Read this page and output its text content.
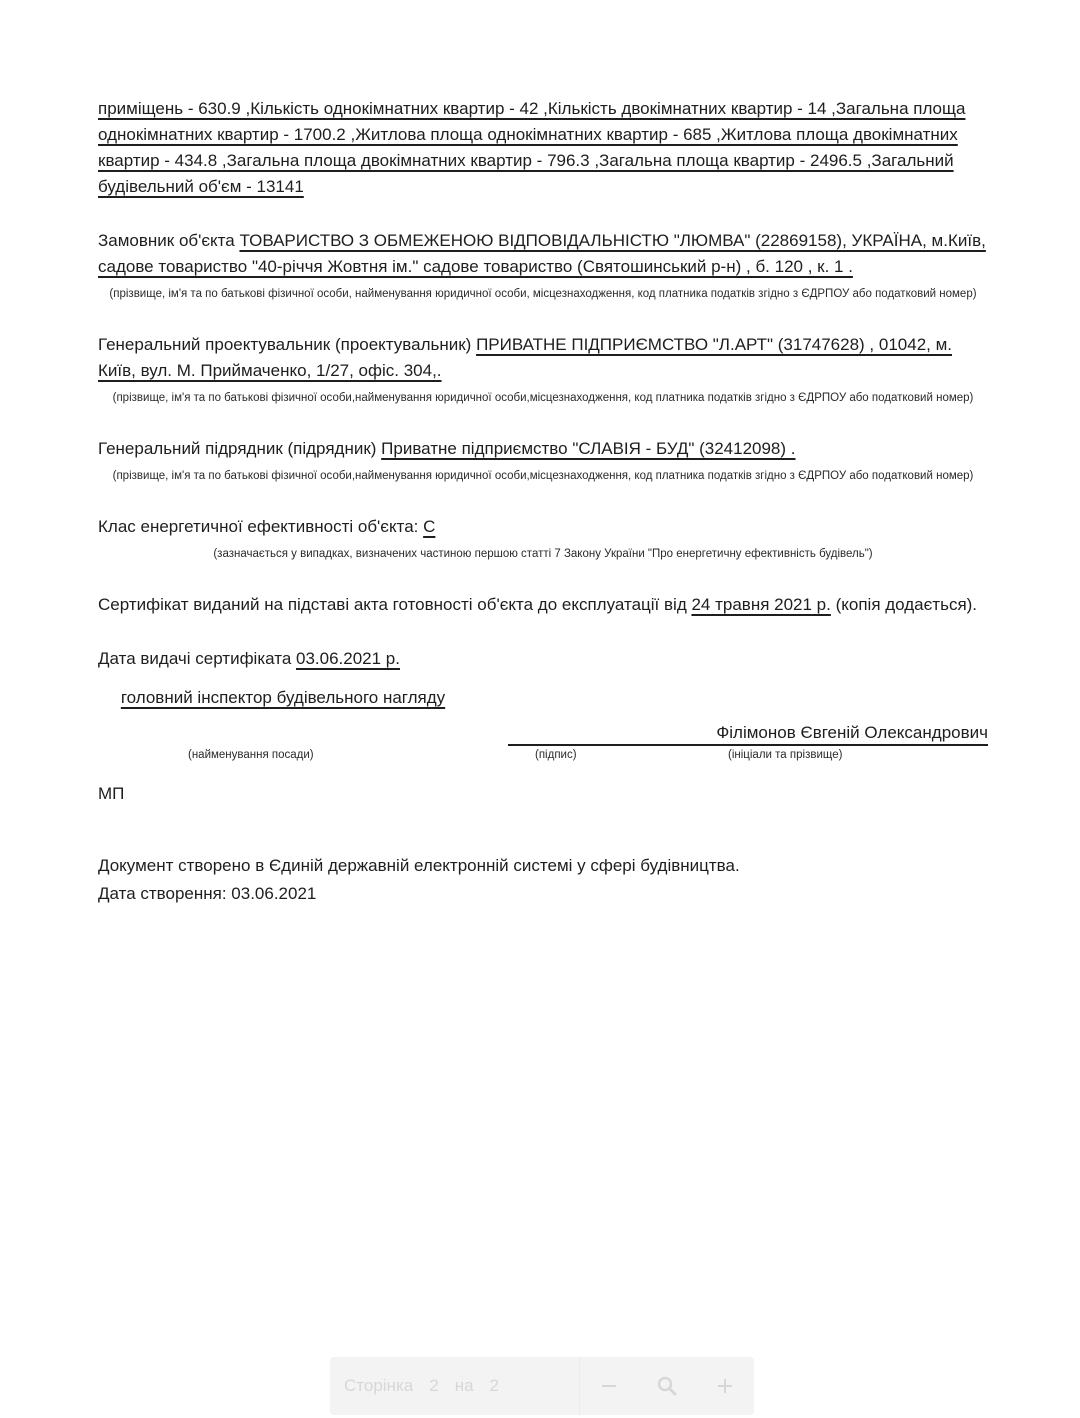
приміщень - 630.9 ,Кількість однокімнатних квартир - 42 ,Кількість двокімнатних квартир - 14 ,Загальна площа однокімнатних квартир - 1700.2 ,Житлова площа однокімнатних квартир - 685 ,Житлова площа двокімнатних квартир - 434.8 ,Загальна площа двокімнатних квартир - 796.3 ,Загальна площа квартир - 2496.5 ,Загальний будівельний об'єм - 13141

Замовник об'єкта ТОВАРИСТВО З ОБМЕЖЕНОЮ ВІДПОВІДАЛЬНІСТЮ "ЛЮМВА" (22869158), УКРАЇНА, м.Київ, садове товариство "40-річчя Жовтня ім." садове товариство (Святошинський р-н) , б. 120 , к. 1 .

(прізвище, ім'я та по батькові фізичної особи, найменування юридичної особи, місцезнаходження, код платника податків згідно з ЄДРПОУ або податковий номер)

Генеральний проектувальник (проектувальник) ПРИВАТНЕ ПІДПРИЄМСТВО "Л.АРТ" (31747628) , 01042, м. Київ, вул. М. Приймаченко, 1/27, офіс. 304,.

(прізвище, ім'я та по батькові фізичної особи,найменування юридичної особи,місцезнаходження, код платника податків згідно з ЄДРПОУ або податковий номер)

Генеральний підрядник (підрядник) Приватне підприємство "СЛАВІЯ - БУД" (32412098) .

(прізвище, ім'я та по батькові фізичної особи,найменування юридичної особи,місцезнаходження, код платника податків згідно з ЄДРПОУ або податковий номер)

Клас енергетичної ефективності об'єкта: C

(зазначається у випадках, визначених частиною першою статті 7 Закону України "Про енергетичну ефективність будівель")

Сертифікат виданий на підставі акта готовності об'єкта до експлуатації від 24 травня 2021 р. (копія додається).

Дата видачі сертифіката 03.06.2021 р.

головний інспектор будівельного нагляду
Філімонов Євгеній Олександрович
(найменування посади)	(підпис)	(ініціали та прізвище)
МП
Документ створено в Єдиній державній електронній системі у сфері будівництва.
Дата створення: 03.06.2021
Сторінка 2 на 2
